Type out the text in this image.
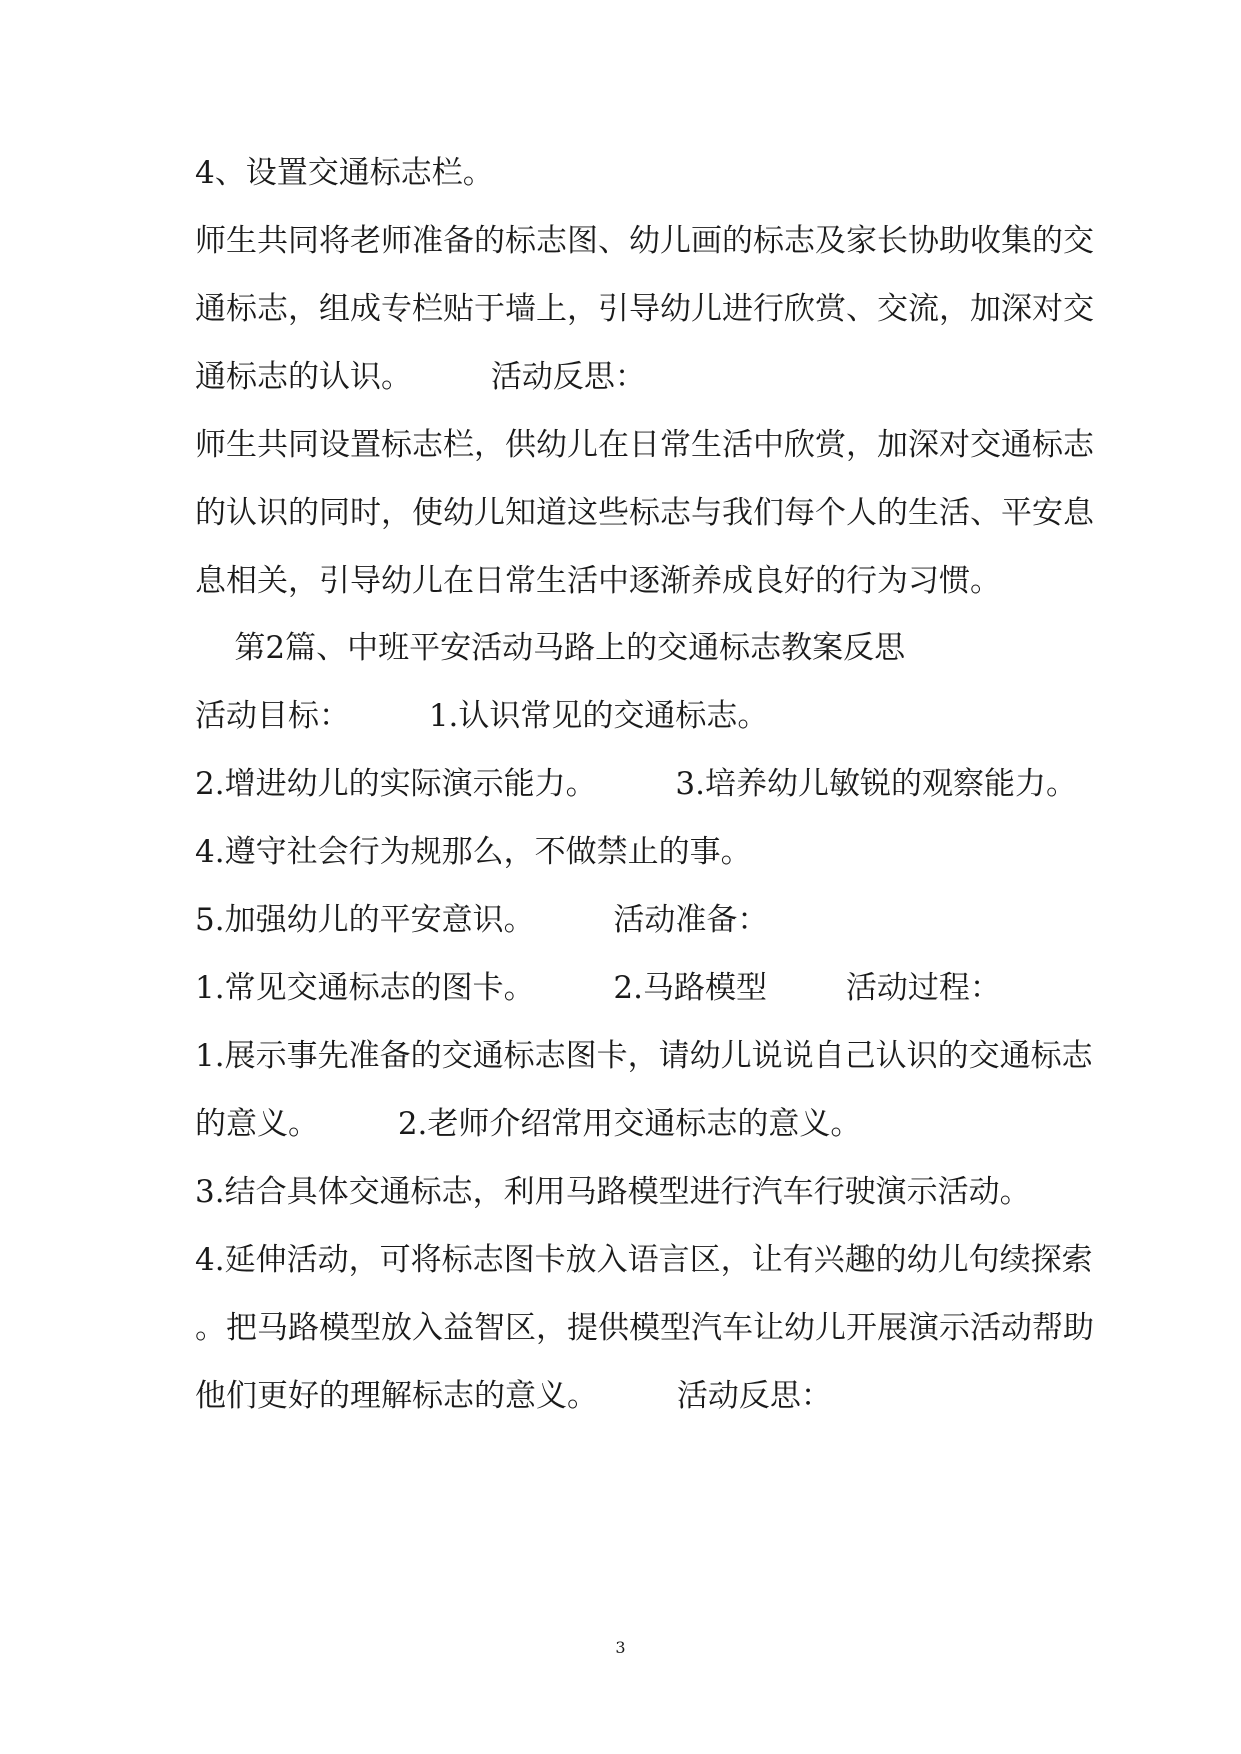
4、设置交通标志栏。

师生共同将老师准备的标志图、幼儿画的标志及家长协助收集的交

通标志，组成专栏贴于墙上，引导幼儿进行欣赏、交流，加深对交

通标志的认识。        活动反思：

师生共同设置标志栏，供幼儿在日常生活中欣赏，加深对交通标志

的认识的同时，使幼儿知道这些标志与我们每个人的生活、平安息

息相关，引导幼儿在日常生活中逐渐养成良好的行为习惯。

第2篇、中班平安活动马路上的交通标志教案反思

活动目标：        1.认识常见的交通标志。

2.增进幼儿的实际演示能力。        3.培养幼儿敏锐的观察能力。

4.遵守社会行为规那么，不做禁止的事。

5.加强幼儿的平安意识。        活动准备：

1.常见交通标志的图卡。        2.马路模型        活动过程：

1.展示事先准备的交通标志图卡，请幼儿说说自己认识的交通标志

的意义。        2.老师介绍常用交通标志的意义。

3.结合具体交通标志，利用马路模型进行汽车行驶演示活动。

4.延伸活动，可将标志图卡放入语言区，让有兴趣的幼儿句续探索

。把马路模型放入益智区，提供模型汽车让幼儿开展演示活动帮助

他们更好的理解标志的意义。        活动反思：

3
